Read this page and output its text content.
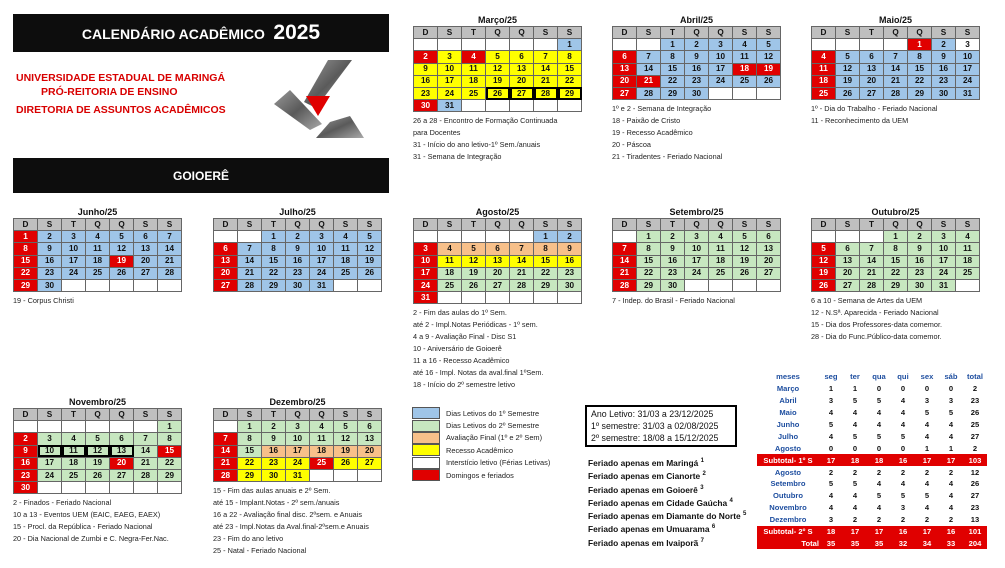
CALENDÁRIO ACADÊMICO 2025
UNIVERSIDADE ESTADUAL DE MARINGÁ
PRÓ-REITORIA DE ENSINO
DIRETORIA DE ASSUNTOS ACADÊMICOS
GOIOERÊ
Março/25
D	S	T	Q	Q	S	S
						1
2	3	4	5	6	7	8
9	10	11	12	13	14	15
16	17	18	19	20	21	22
23	24	25	26	27	28	29
30	31					
26 a 28 - Encontro de Formação Continuada
para Docentes
31 - Início do ano letivo-1º Sem./anuais
31 - Semana de Integração
Abril/25
D	S	T	Q	Q	S	S
		1	2	3	4	5
6	7	8	9	10	11	12
13	14	15	16	17	18	19
20	21	22	23	24	25	26
27	28	29	30			
1º e 2 - Semana de Integração
18 - Paixão de Cristo
19 - Recesso Acadêmico
20 - Páscoa
21 - Tiradentes - Feriado Nacional
Maio/25
D	S	T	Q	Q	S	S
				1	2	3
4	5	6	7	8	9	10
11	12	13	14	15	16	17
18	19	20	21	22	23	24
25	26	27	28	29	30	31
1º - Dia do Trabalho - Feriado Nacional
11 - Reconhecimento da UEM
Junho/25
D	S	T	Q	Q	S	S
1	2	3	4	5	6	7
8	9	10	11	12	13	14
15	16	17	18	19	20	21
22	23	24	25	26	27	28
29	30					
19 - Corpus Christi
Julho/25
D	S	T	Q	Q	S	S
		1	2	3	4	5
6	7	8	9	10	11	12
13	14	15	16	17	18	19
20	21	22	23	24	25	26
27	28	29	30	31		
Agosto/25
D	S	T	Q	Q	S	S
					1	2
3	4	5	6	7	8	9
10	11	12	13	14	15	16
17	18	19	20	21	22	23
24	25	26	27	28	29	30
31						
2 - Fim das aulas do 1º Sem.
até 2 - Impl.Notas Periódicas - 1º sem.
4 a 9 - Avaliação Final - Disc S1
10 - Aniversário de Goioerê
11 a 16 - Recesso Acadêmico
até 16 - Impl. Notas da aval.final 1ºSem.
18 - Início do 2º semestre letivo
Setembro/25
D	S	T	Q	Q	S	S
	1	2	3	4	5	6
7	8	9	10	11	12	13
14	15	16	17	18	19	20
21	22	23	24	25	26	27
28	29	30				
7 - Indep. do Brasil - Feriado Nacional
Outubro/25
D	S	T	Q	Q	S	S
			1	2	3	4
5	6	7	8	9	10	11
12	13	14	15	16	17	18
19	20	21	22	23	24	25
26	27	28	29	30	31	
6 a 10 - Semana de Artes da UEM
12 - N.Sª. Aparecida - Feriado Nacional
15 - Dia dos Professores-data comemor.
28 - Dia do Func.Público-data comemor.
Novembro/25
D	S	T	Q	Q	S	S
						1
2	3	4	5	6	7	8
9	10	11	12	13	14	15
16	17	18	19	20	21	22
23	24	25	26	27	28	29
30						
2 - Finados - Feriado Nacional
10 a 13 - Eventos UEM (EAIC, EAEG, EAEX)
15 - Procl. da República - Feriado Nacional
20 - Dia Nacional de Zumbi e C. Negra-Fer.Nac.
Dezembro/25
D	S	T	Q	Q	S	S
	1	2	3	4	5	6
7	8	9	10	11	12	13
14	15	16	17	18	19	20
21	22	23	24	25	26	27
28	29	30	31			
15 - Fim das aulas anuais e 2º Sem.
até 15 - Implant.Notas - 2º sem./anuais
16 a 22 - Avaliação final disc. 2ºsem. e Anuais
até 23 - Impl.Notas da Aval.final-2ºsem.e Anuais
23 - Fim do ano letivo
25 - Natal - Feriado Nacional
Dias Letivos do 1º Semestre
Dias Letivos do 2º Semestre
Avaliação Final (1º e 2º Sem)
Recesso Acadêmico
Interstício letivo (Férias Letivas)
Domingos e feriados
Ano Letivo: 31/03 a 23/12/2025
1º semestre: 31/03 a 02/08/2025
2º semestre: 18/08 a 15/12/2025
Feriado apenas em Maringá $^1$
Feriado apenas em Cianorte $^2$
Feriado apenas em Goioerê $^3$
Feriado apenas em Cidade Gaúcha $^4$
Feriado apenas em Diamante do Norte $^5$
Feriado apenas em Umuarama $^6$
Feriado apenas em Ivaiporã $^7$
meses	seg	ter	qua	qui	sex	sáb	total
Março	1	1	0	0	0	0	2
Abril	3	5	5	4	3	3	23
Maio	4	4	4	4	5	5	26
Junho	5	4	4	4	4	4	25
Julho	4	5	5	5	4	4	27
Agosto	0	0	0	0	1	1	2
Subtotal- 1º S	17	18	18	16	17	17	103
Agosto	2	2	2	2	2	2	12
Setembro	5	5	4	4	4	4	26
Outubro	4	4	5	5	5	4	27
Novembro	4	4	4	3	4	4	23
Dezembro	3	2	2	2	2	2	13
Subtotal- 2º S	18	17	17	16	17	16	101
Total	35	35	35	32	34	33	204
